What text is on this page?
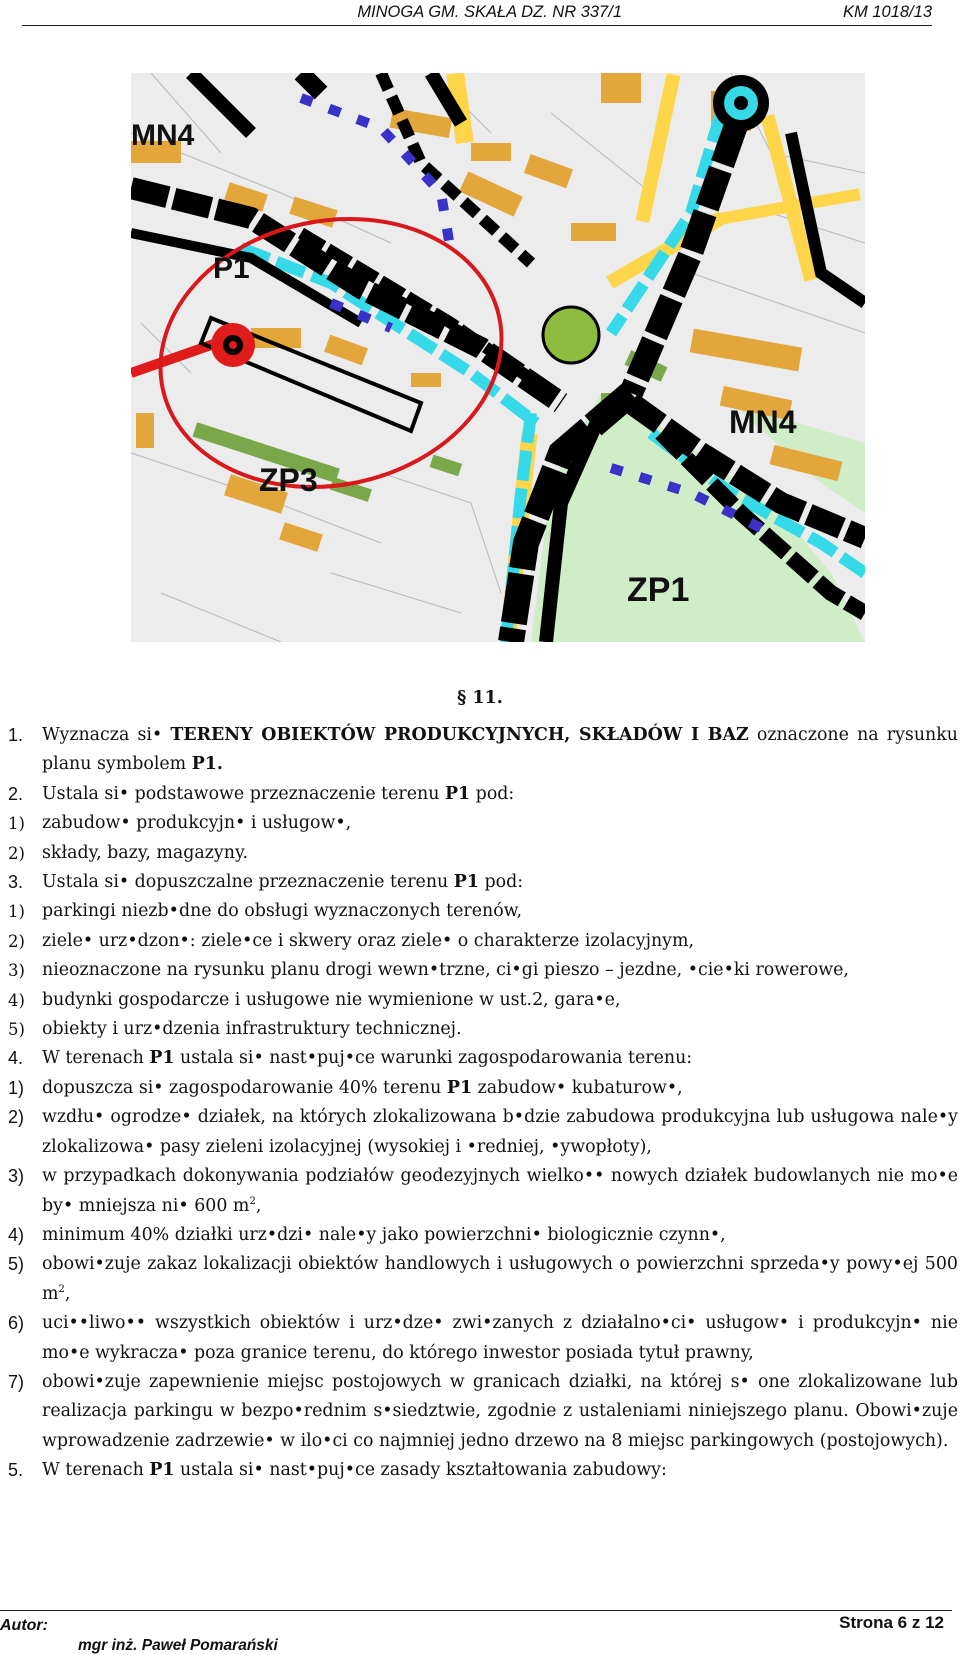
MINOGA GM. SKAŁA DZ. NR 337/1	KM 1018/13
MN4
P1
ZP3
MN4
ZP1
§ 11.
1. Wyznacza si• TERENY OBIEKTÓW PRODUKCYJNYCH, SKŁADÓW I BAZ oznaczone na rysunku planu symbolem P1.
2. Ustala si• podstawowe przeznaczenie terenu P1 pod:
1) zabudow• produkcyjn• i usługow•,
2) składy, bazy, magazyny.
3. Ustala si• dopuszczalne przeznaczenie terenu P1 pod:
1) parkingi niezb•dne do obsługi wyznaczonych terenów,
2) ziele• urz•dzon•: ziele•ce i skwery oraz ziele• o charakterze izolacyjnym,
3) nieoznaczone na rysunku planu drogi wewn•trzne, ci•gi pieszo – jezdne, •cie•ki rowerowe,
4) budynki gospodarcze i usługowe nie wymienione w ust.2, gara•e,
5) obiekty i urz•dzenia infrastruktury technicznej.
4. W terenach P1 ustala si• nast•puj•ce warunki zagospodarowania terenu:
1) dopuszcza si• zagospodarowanie 40% terenu P1 zabudow• kubaturow•,
2) wzdłu• ogrodze• działek, na których zlokalizowana b•dzie zabudowa produkcyjna lub usługowa nale•y zlokalizowa• pasy zieleni izolacyjnej (wysokiej i •redniej, •ywopłoty),
3) w przypadkach dokonywania podziałów geodezyjnych wielko•• nowych działek budowlanych nie mo•e by• mniejsza ni• 600 $m^2$,
4) minimum 40% działki urz•dzi• nale•y jako powierzchni• biologicznie czynn•,
5) obowi•zuje zakaz lokalizacji obiektów handlowych i usługowych o powierzchni sprzeda•y powy•ej 500 $m^2$,
6) uci••liwo•• wszystkich obiektów i urz•dze• zwi•zanych z działalno•ci• usługow• i produkcyjn• nie mo•e wykracza• poza granice terenu, do którego inwestor posiada tytuł prawny,
7) obowi•zuje zapewnienie miejsc postojowych w granicach działki, na której s• one zlokalizowane lub realizacja parkingu w bezpo•rednim s•siedztwie, zgodnie z ustaleniami niniejszego planu. Obowi•zuje wprowadzenie zadrzewie• w ilo•ci co najmniej jedno drzewo na 8 miejsc parkingowych (postojowych).
5. W terenach P1 ustala si• nast•puj•ce zasady kształtowania zabudowy:
Autor:
mgr inż. Paweł Pomarański
Strona 6 z 12
